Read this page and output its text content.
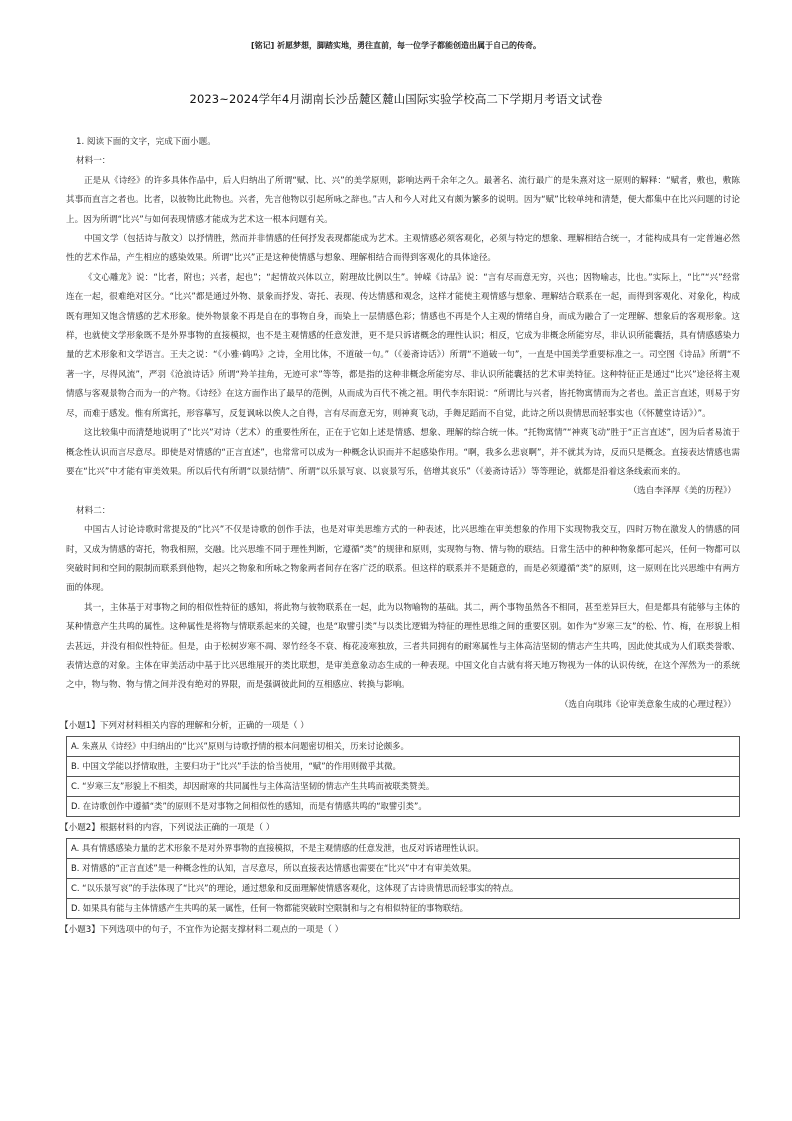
[铭记] 祈愿梦想，脚踏实地，勇往直前，每一位学子都能创造出属于自己的传奇。
2023~2024学年4月湖南长沙岳麓区麓山国际实验学校高二下学期月考语文试卷

1. 阅读下面的文字，完成下面小题。

材料一：

正是从《诗经》的许多具体作品中，后人归纳出了所谓“赋、比、兴”的美学原则，影响达两千余年之久。最著名、流行最广的是朱熹对这一原则的解释：“赋者，敷也，敷陈其事而直言之者也。比者，以彼物比此物也。兴者，先言他物以引起所咏之辞也。”古人和今人对此又有颇为繁多的说明。因为“赋”比较单纯和清楚，便大都集中在比兴问题的讨论上。因为所谓“比兴”与如何表现情感才能成为艺术这一根本问题有关。

中国文学（包括诗与散文）以抒情胜，然而并非情感的任何抒发表现都能成为艺术。主观情感必须客观化，必须与特定的想象、理解相结合统一，才能构成具有一定普遍必然性的艺术作品，产生相应的感染效果。所谓“比兴”正是这种使情感与想象、理解相结合而得到客观化的具体途径。

《文心雕龙》说：“比者，附也；兴者，起也”；“起情故兴体以立，附理故比例以生”。钟嵘《诗品》说：“言有尽而意无穷，兴也；因物喻志，比也。”实际上，“比”“兴”经常连在一起，很难绝对区分。“比兴”都是通过外物、景象而抒发、寄托、表现、传达情感和观念，这样才能使主观情感与想象、理解结合联系在一起，而得到客观化、对象化，构成既有理知又饱含情感的艺术形象。使外物景象不再是自在的事物自身，而染上一层情感色彩；情感也不再是个人主观的情绪自身，而成为融合了一定理解、想象后的客观形象。这样，也就使文学形象既不是外界事物的直接模拟，也不是主观情感的任意发泄，更不是只诉诸概念的理性认识；相反，它成为非概念所能穷尽，非认识所能囊括，具有情感感染力量的艺术形象和文学语言。王夫之说：“《小雅·鹤鸣》之诗，全用比体，不道破一句。”（《姜斋诗话》）所谓“不道破一句”，一直是中国美学重要标准之一。司空图《诗品》所谓“不著一字，尽得风流”，严羽《沧浪诗话》所谓“羚羊挂角，无迹可求”等等，都是指的这种非概念所能穷尽、非认识所能囊括的艺术审美特征。这种特征正是通过“比兴”途径将主观情感与客观景物合而为一的产物。《诗经》在这方面作出了最早的范例，从而成为百代不祧之祖。明代李东阳说：“所谓比与兴者，皆托物寓情而为之者也。盖正言直述，则易于穷尽，而难于感发。惟有所寓托，形容摹写，反复讽咏以俟人之自得，言有尽而意无穷，则神爽飞动，手舞足蹈而不自觉，此诗之所以贵情思而轻事实也（《怀麓堂诗话》）”。

这比较集中而清楚地说明了“比兴”对诗（艺术）的重要性所在，正在于它如上述是情感、想象、理解的综合统一体。“托物寓情”“神爽飞动”胜于“正言直述”，因为后者易流于概念性认识而言尽意尽。即使是对情感的“正言直述”，也常常可以成为一种概念认识而并不起感染作用。“啊，我多么悲哀啊”，并不就其为诗，反而只是概念。直接表达情感也需要在“比兴”中才能有审美效果。所以后代有所谓“以景结情”、所谓“以乐景写哀、以哀景写乐，倍增其哀乐”（《姜斋诗话》）等等理论，就都是沿着这条线索而来的。

（选自李泽厚《美的历程》）

材料二：

中国古人讨论诗歌时常提及的“比兴”不仅是诗歌的创作手法，也是对审美思维方式的一种表述，比兴思维在审美想象的作用下实现物我交互，四时万物在激发人的情感的同时，又成为情感的寄托，物我相照，交融。比兴思维不同于理性判断，它遵循“类”的规律和原则，实现物与物、情与物的联结。日常生活中的种种物象都可起兴，任何一物都可以突破时间和空间的限制而联系到他物，起兴之物象和所咏之物象两者间存在客广泛的联系。但这样的联系并不是随意的，而是必须遵循“类”的原则，这一原则在比兴思维中有两方面的体现。

其一，主体基于对事物之间的相似性特征的感知，将此物与彼物联系在一起，此为以物喻物的基础。其二，两个事物虽然各不相同，甚至差异巨大，但是都具有能够与主体的某种情意产生共鸣的属性。这种属性是将物与情联系起来的关键，也是“取譬引类”与以类比逻辑为特征的理性思维之间的重要区别。如作为“岁寒三友”的松、竹、梅，在形貌上相去甚远，并没有相似性特征。但是，由于松树岁寒不凋、翠竹经冬不衰、梅花凌寒独放，三者共同拥有的耐寒属性与主体高洁坚韧的情志产生共鸣，因此使其成为人们联类誉歌、表情达意的对象。主体在审美活动中基于比兴思维展开的类比联想，是审美意象动态生成的一种表现。中国文化自古就有将天地万物视为一体的认识传统，在这个浑然为一的系统之中，物与物、物与情之间并没有绝对的界限，而是强调彼此间的互相感应、转换与影响。

（选自向琪玮《论审美意象生成的心理过程》）

【小题1】下列对材料相关内容的理解和分析，正确的一项是（ ）
A. 朱熹从《诗经》中归纳出的“比兴”原则与诗歌抒情的根本问题密切相关，历来讨论颇多。
B. 中国文学能以抒情取胜，主要归功于“比兴”手法的恰当使用，“赋”的作用则微乎其微。
C. “岁寒三友”形貌上不相类，却因耐寒的共同属性与主体高洁坚韧的情志产生共鸣而被联类赞美。
D. 在诗歌创作中遵循“类”的原则不是对事物之间相似性的感知，而是有情感共鸣的“取譬引类”。
【小题2】根据材料的内容，下列说法正确的一项是（ ）
A. 具有情感感染力量的艺术形象不是对外界事物的直接模拟，不是主观情感的任意发泄，也反对诉诸理性认识。
B. 对情感的“正言直述”是一种概念性的认知，言尽意尽，所以直接表达情感也需要在“比兴”中才有审美效果。
C. “以乐景写哀”的手法体现了“比兴”的理论，通过想象和反面理解使情感客观化，这体现了古诗贵情思而轻事实的特点。
D. 如果具有能与主体情感产生共鸣的某一属性，任何一物都能突破时空限制和与之有相似特征的事物联结。
【小题3】下列选项中的句子，不宜作为论据支撑材料二观点的一项是（ ）
